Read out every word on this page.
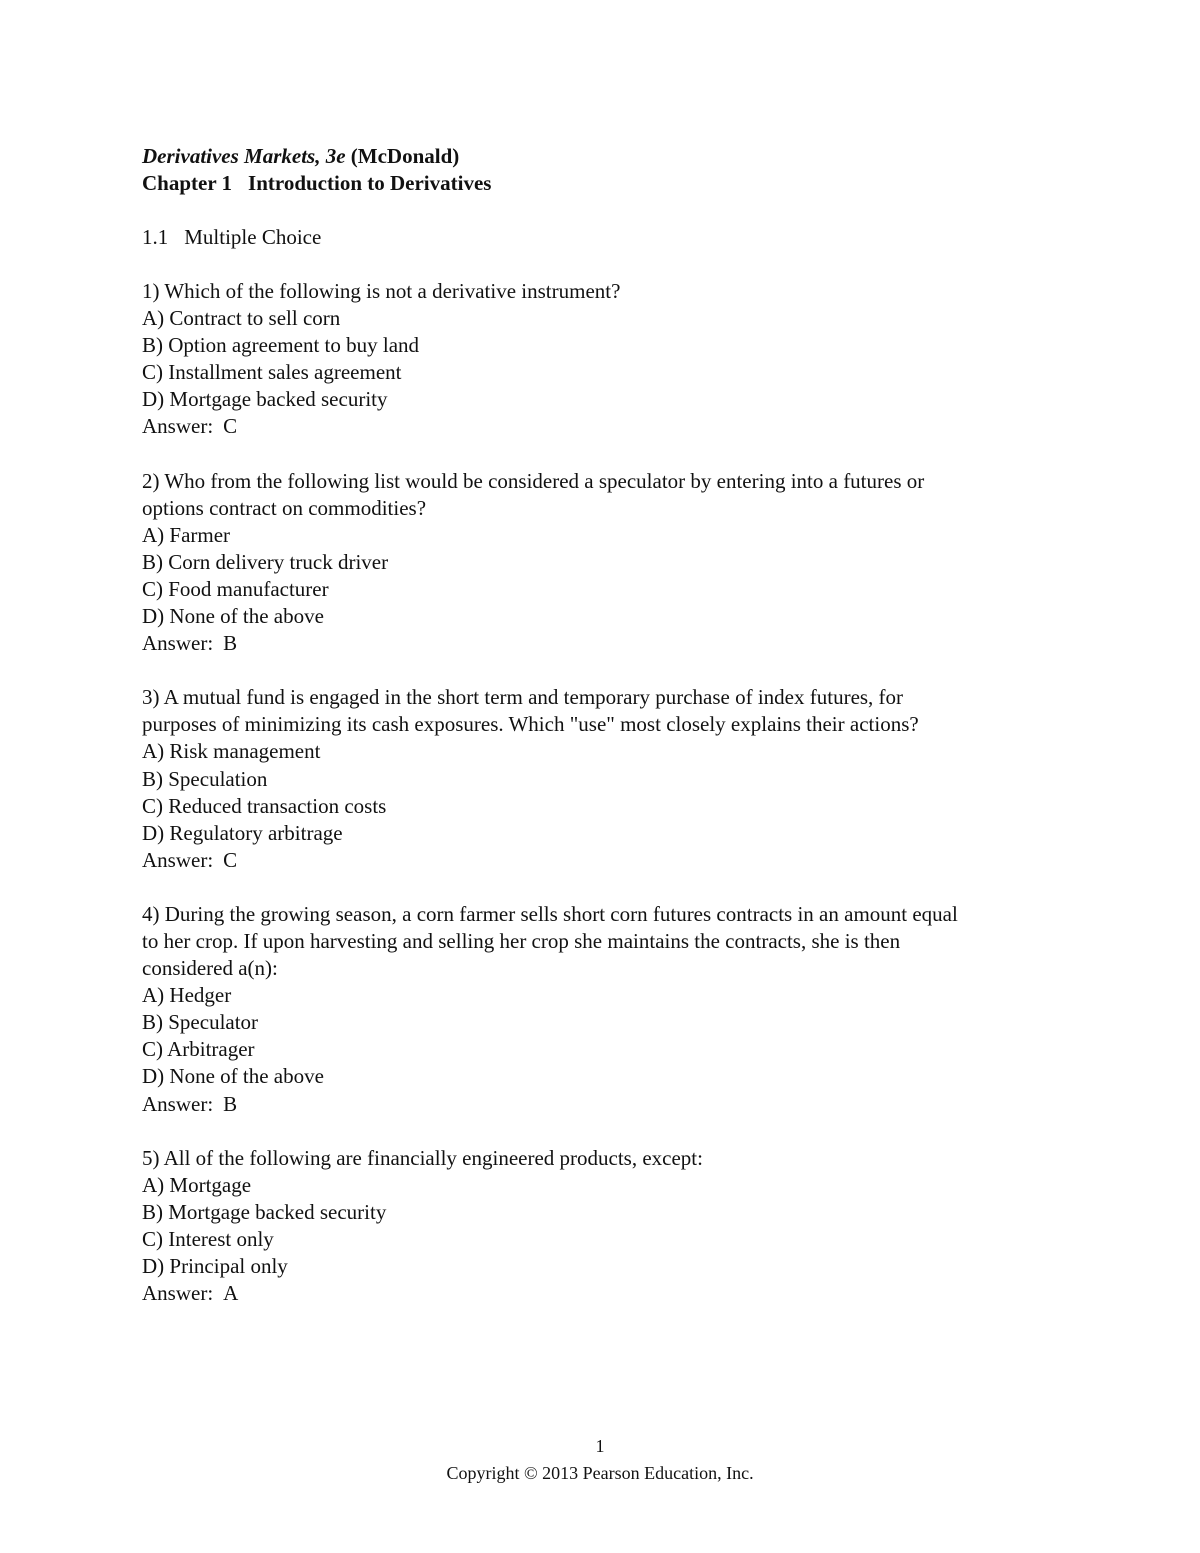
Derivatives Markets, 3e (McDonald)
Chapter 1 Introduction to Derivatives
1.1 Multiple Choice
1) Which of the following is not a derivative instrument?
A) Contract to sell corn
B) Option agreement to buy land
C) Installment sales agreement
D) Mortgage backed security
Answer: C
2) Who from the following list would be considered a speculator by entering into a futures or
options contract on commodities?
A) Farmer
B) Corn delivery truck driver
C) Food manufacturer
D) None of the above
Answer: B
3) A mutual fund is engaged in the short term and temporary purchase of index futures, for
purposes of minimizing its cash exposures. Which "use" most closely explains their actions?
A) Risk management
B) Speculation
C) Reduced transaction costs
D) Regulatory arbitrage
Answer: C
4) During the growing season, a corn farmer sells short corn futures contracts in an amount equal
to her crop. If upon harvesting and selling her crop she maintains the contracts, she is then
considered a(n):
A) Hedger
B) Speculator
C) Arbitrager
D) None of the above
Answer: B
5) All of the following are financially engineered products, except:
A) Mortgage
B) Mortgage backed security
C) Interest only
D) Principal only
Answer: A
1
Copyright © 2013 Pearson Education, Inc.
